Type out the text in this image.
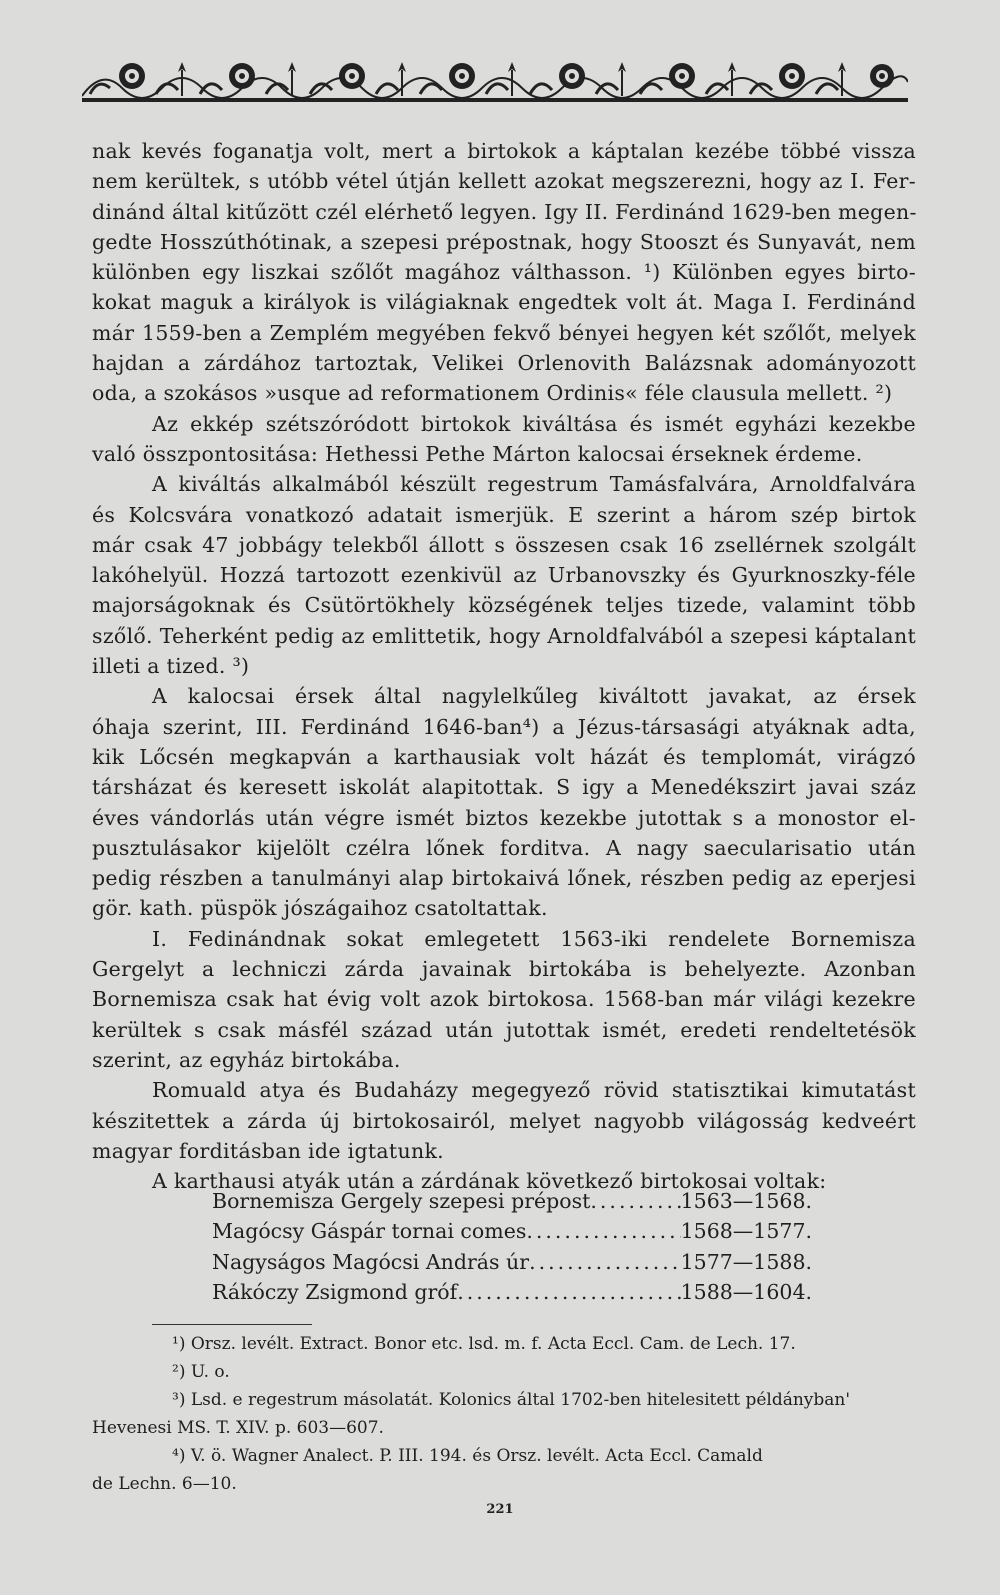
nak kevés foganatja volt, mert a birtokok a káptalan kezébe többé vissza
nem kerültek, s utóbb vétel útján kellett azokat megszerezni, hogy az I. Fer-
dinánd által kitűzött czél elérhető legyen. Igy II. Ferdinánd 1629-ben megen-
gedte Hosszúthótinak, a szepesi prépostnak, hogy Stooszt és Sunyavát, nem
különben egy liszkai szőlőt magához válthasson. ¹) Különben egyes birto-
kokat maguk a királyok is világiaknak engedtek volt át. Maga I. Ferdinánd
már 1559-ben a Zemplém megyében fekvő bényei hegyen két szőlőt, melyek
hajdan a zárdához tartoztak, Velikei Orlenovith Balázsnak adományozott
oda, a szokásos »usque ad reformationem Ordinis« féle clausula mellett. ²)
Az ekkép szétszóródott birtokok kiváltása és ismét egyházi kezekbe
való összpontositása: Hethessi Pethe Márton kalocsai érseknek érdeme.
A kiváltás alkalmából készült regestrum Tamásfalvára, Arnoldfalvára
és Kolcsvára vonatkozó adatait ismerjük. E szerint a három szép birtok
már csak 47 jobbágy telekből állott s összesen csak 16 zsellérnek szolgált
lakóhelyül. Hozzá tartozott ezenkivül az Urbanovszky és Gyurknoszky-féle
majorságoknak és Csütörtökhely községének teljes tizede, valamint több
szőlő. Teherként pedig az emlittetik, hogy Arnoldfalvából a szepesi káptalant
illeti a tized. ³)
A kalocsai érsek által nagylelkűleg kiváltott javakat, az érsek
óhaja szerint, III. Ferdinánd 1646-ban⁴) a Jézus-társasági atyáknak adta,
kik Lőcsén megkapván a karthausiak volt házát és templomát, virágzó
társházat és keresett iskolát alapitottak. S igy a Menedékszirt javai száz
éves vándorlás után végre ismét biztos kezekbe jutottak s a monostor el-
pusztulásakor kijelölt czélra lőnek forditva. A nagy saecularisatio után
pedig részben a tanulmányi alap birtokaivá lőnek, részben pedig az eperjesi
gör. kath. püspök jószágaihoz csatoltattak.
I. Fedinándnak sokat emlegetett 1563-iki rendelete Bornemisza
Gergelyt a lechniczi zárda javainak birtokába is behelyezte. Azonban
Bornemisza csak hat évig volt azok birtokosa. 1568-ban már világi kezekre
kerültek s csak másfél század után jutottak ismét, eredeti rendeltetésök
szerint, az egyház birtokába.
Romuald atya és Budaházy megegyező rövid statisztikai kimutatást
készitettek a zárda új birtokosairól, melyet nagyobb világosság kedveért
magyar forditásban ide igtatunk.
A karthausi atyák után a zárdának következő birtokosai voltak:
Bornemisza Gergely szepesi prépost .....	1563—1568.
Magócsy Gáspár tornai comes .....	1568—1577.
Nagyságos Magócsi András úr .....	1577—1588.
Rákóczy Zsigmond gróf .....	1588—1604.
¹) Orsz. levélt. Extract. Bonor etc. lsd. m. f. Acta Eccl. Cam. de Lech. 17.
²) U. o.
³) Lsd. e regestrum másolatát. Kolonics által 1702-ben hitelesitett példányban'
Hevenesi MS. T. XIV. p. 603—607.
⁴) V. ö. Wagner Analect. P. III. 194. és Orsz. levélt. Acta Eccl. Camald
de Lechn. 6—10.
221
